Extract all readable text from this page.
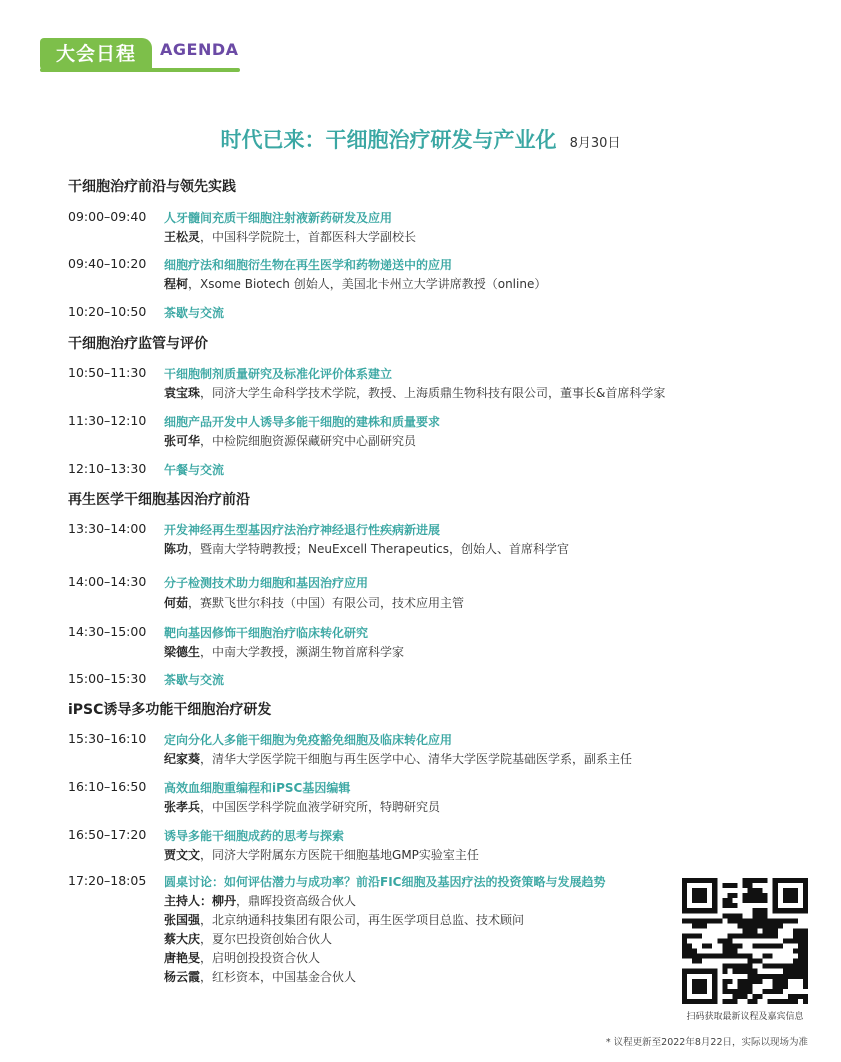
大会日程	AGENDA
时代已来：干细胞治疗研发与产业化 8月30日
干细胞治疗前沿与领先实践
09:00–09:40 人牙髓间充质干细胞注射液新药研发及应用
王松灵，中国科学院院士，首都医科大学副校长
09:40–10:20 细胞疗法和细胞衍生物在再生医学和药物递送中的应用
程柯，Xsome Biotech 创始人，美国北卡州立大学讲席教授（online）
10:20–10:50 茶歇与交流
干细胞治疗监管与评价
10:50–11:30 干细胞制剂质量研究及标准化评价体系建立
袁宝珠，同济大学生命科学技术学院，教授、上海质鼎生物科技有限公司，董事长&首席科学家
11:30–12:10 细胞产品开发中人诱导多能干细胞的建株和质量要求
张可华，中检院细胞资源保藏研究中心副研究员
12:10–13:30 午餐与交流
再生医学干细胞基因治疗前沿
13:30–14:00 开发神经再生型基因疗法治疗神经退行性疾病新进展
陈功，暨南大学特聘教授；NeuExcell Therapeutics，创始人、首席科学官
14:00–14:30 分子检测技术助力细胞和基因治疗应用
何茹，赛默飞世尔科技（中国）有限公司，技术应用主管
14:30–15:00 靶向基因修饰干细胞治疗临床转化研究
梁德生，中南大学教授，濒湖生物首席科学家
15:00–15:30 茶歇与交流
iPSC诱导多功能干细胞治疗研发
15:30–16:10 定向分化人多能干细胞为免疫豁免细胞及临床转化应用
纪家葵，清华大学医学院干细胞与再生医学中心、清华大学医学院基础医学系，副系主任
16:10–16:50 高效血细胞重编程和iPSC基因编辑
张孝兵，中国医学科学院血液学研究所，特聘研究员
16:50–17:20 诱导多能干细胞成药的思考与探索
贾文文，同济大学附属东方医院干细胞基地GMP实验室主任
17:20–18:05 圆桌讨论：如何评估潜力与成功率？前沿FIC细胞及基因疗法的投资策略与发展趋势
主持人：柳丹，鼎晖投资高级合伙人
张国强，北京纳通科技集团有限公司，再生医学项目总监、技术顾问
蔡大庆，夏尔巴投资创始合伙人
唐艳旻，启明创投投资合伙人
杨云霞，红杉资本，中国基金合伙人
扫码获取最新议程及嘉宾信息
* 议程更新至2022年8月22日，实际以现场为准
